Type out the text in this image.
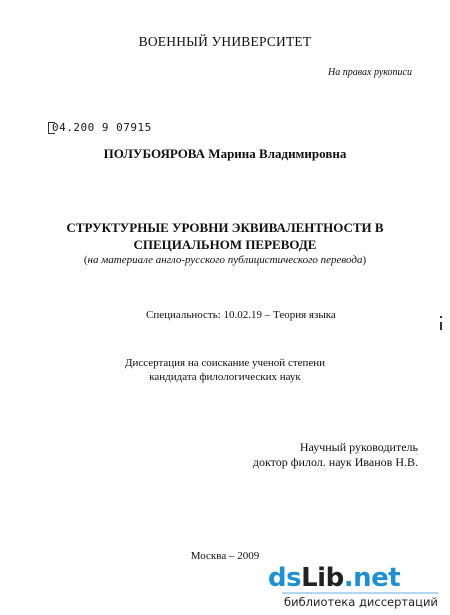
ВОЕННЫЙ УНИВЕРСИТЕТ
На правах рукописи
04.200 9 07915
ПОЛУБОЯРОВА Марина Владимировна
СТРУКТУРНЫЕ УРОВНИ ЭКВИВАЛЕНТНОСТИ В
СПЕЦИАЛЬНОМ ПЕРЕВОДЕ
(на материале англо-русского публицистического перевода)
Специальность: 10.02.19 – Теория языка
Диссертация на соискание ученой степени
кандидата филологических наук
Научный руководитель
доктор филол. наук Иванов Н.В.
Москва – 2009
dsLib.net
библиотека диссертаций
